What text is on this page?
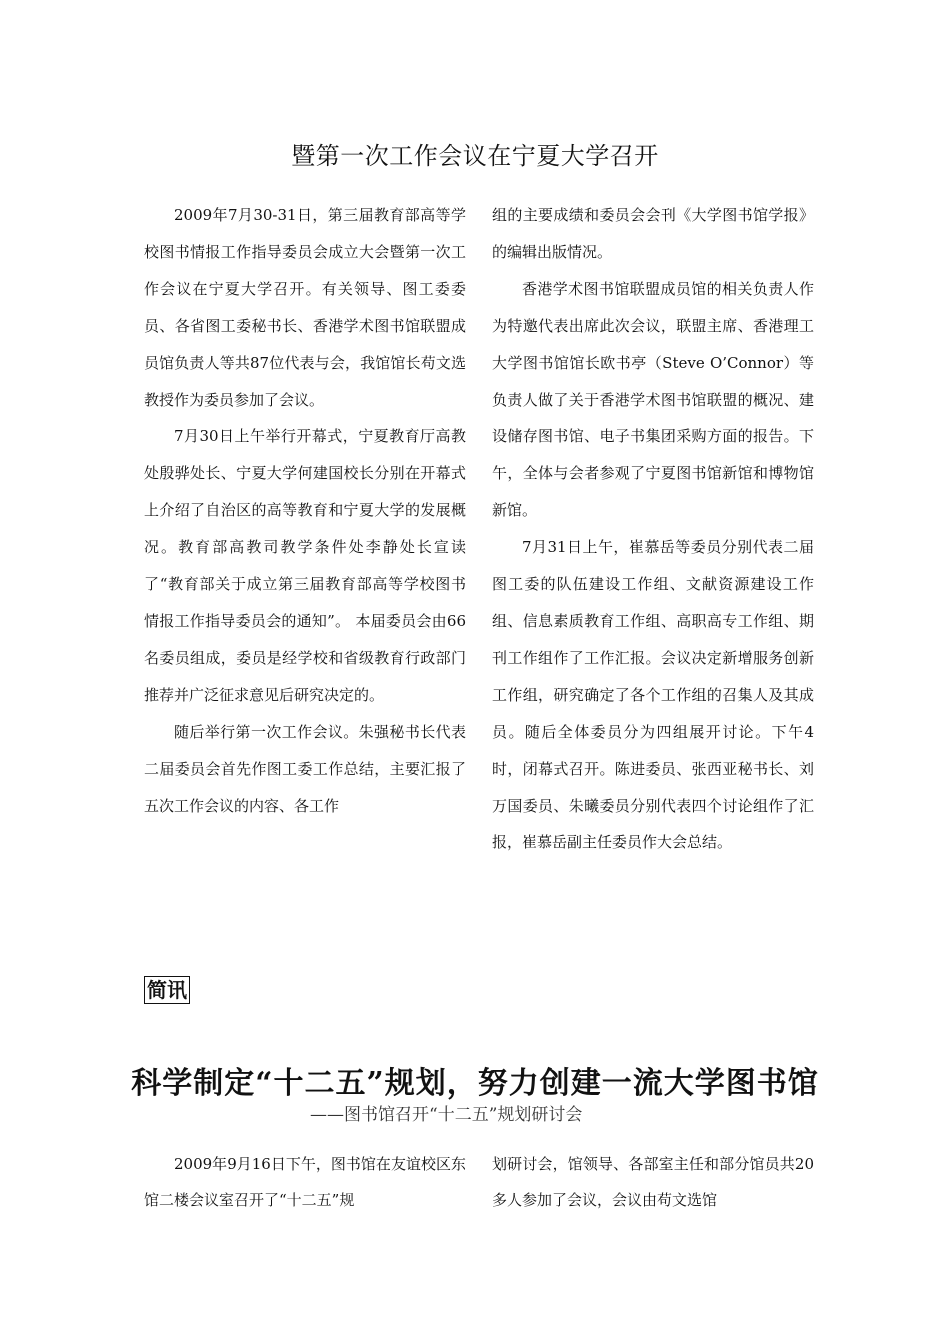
暨第一次工作会议在宁夏大学召开

2009年7月30-31日，第三届教育部高等学校图书情报工作指导委员会成立大会暨第一次工作会议在宁夏大学召开。有关领导、图工委委员、各省图工委秘书长、香港学术图书馆联盟成员馆负责人等共87位代表与会，我馆馆长苟文选教授作为委员参加了会议。

7月30日上午举行开幕式，宁夏教育厅高教处殷骅处长、宁夏大学何建国校长分别在开幕式上介绍了自治区的高等教育和宁夏大学的发展概况。教育部高教司教学条件处李静处长宣读了“教育部关于成立第三届教育部高等学校图书情报工作指导委员会的通知”。 本届委员会由66名委员组成，委员是经学校和省级教育行政部门推荐并广泛征求意见后研究决定的。

随后举行第一次工作会议。朱强秘书长代表二届委员会首先作图工委工作总结，主要汇报了五次工作会议的内容、各工作

组的主要成绩和委员会会刊《大学图书馆学报》的编辑出版情况。

香港学术图书馆联盟成员馆的相关负责人作为特邀代表出席此次会议，联盟主席、香港理工大学图书馆馆长欧书亭（Steve O’Connor）等负责人做了关于香港学术图书馆联盟的概况、建设储存图书馆、电子书集团采购方面的报告。下午，全体与会者参观了宁夏图书馆新馆和博物馆新馆。

7月31日上午，崔慕岳等委员分别代表二届图工委的队伍建设工作组、文献资源建设工作组、信息素质教育工作组、高职高专工作组、期刊工作组作了工作汇报。会议决定新增服务创新工作组，研究确定了各个工作组的召集人及其成员。随后全体委员分为四组展开讨论。下午4时，闭幕式召开。陈进委员、张西亚秘书长、刘万国委员、朱曦委员分别代表四个讨论组作了汇报，崔慕岳副主任委员作大会总结。

简讯
科学制定“十二五”规划，努力创建一流大学图书馆
——图书馆召开“十二五”规划研讨会

2009年9月16日下午，图书馆在友谊校区东馆二楼会议室召开了“十二五”规

划研讨会，馆领导、各部室主任和部分馆员共20多人参加了会议，会议由苟文选馆
